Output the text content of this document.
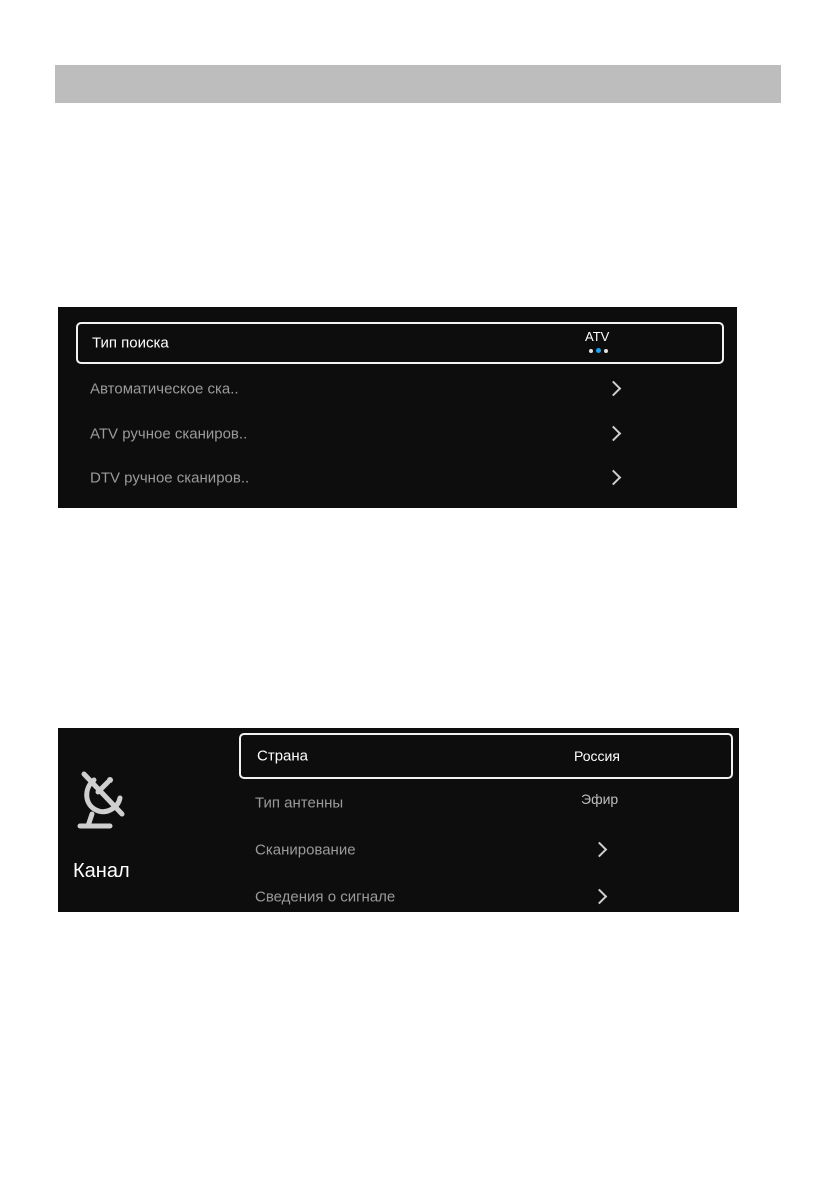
Тип поиска	ATV
Автоматическое ска..
ATV ручное сканиров..
DTV ручное сканиров..
Канал
Страна	Россия
Тип антенны	Эфир
Сканирование
Сведения о сигнале
